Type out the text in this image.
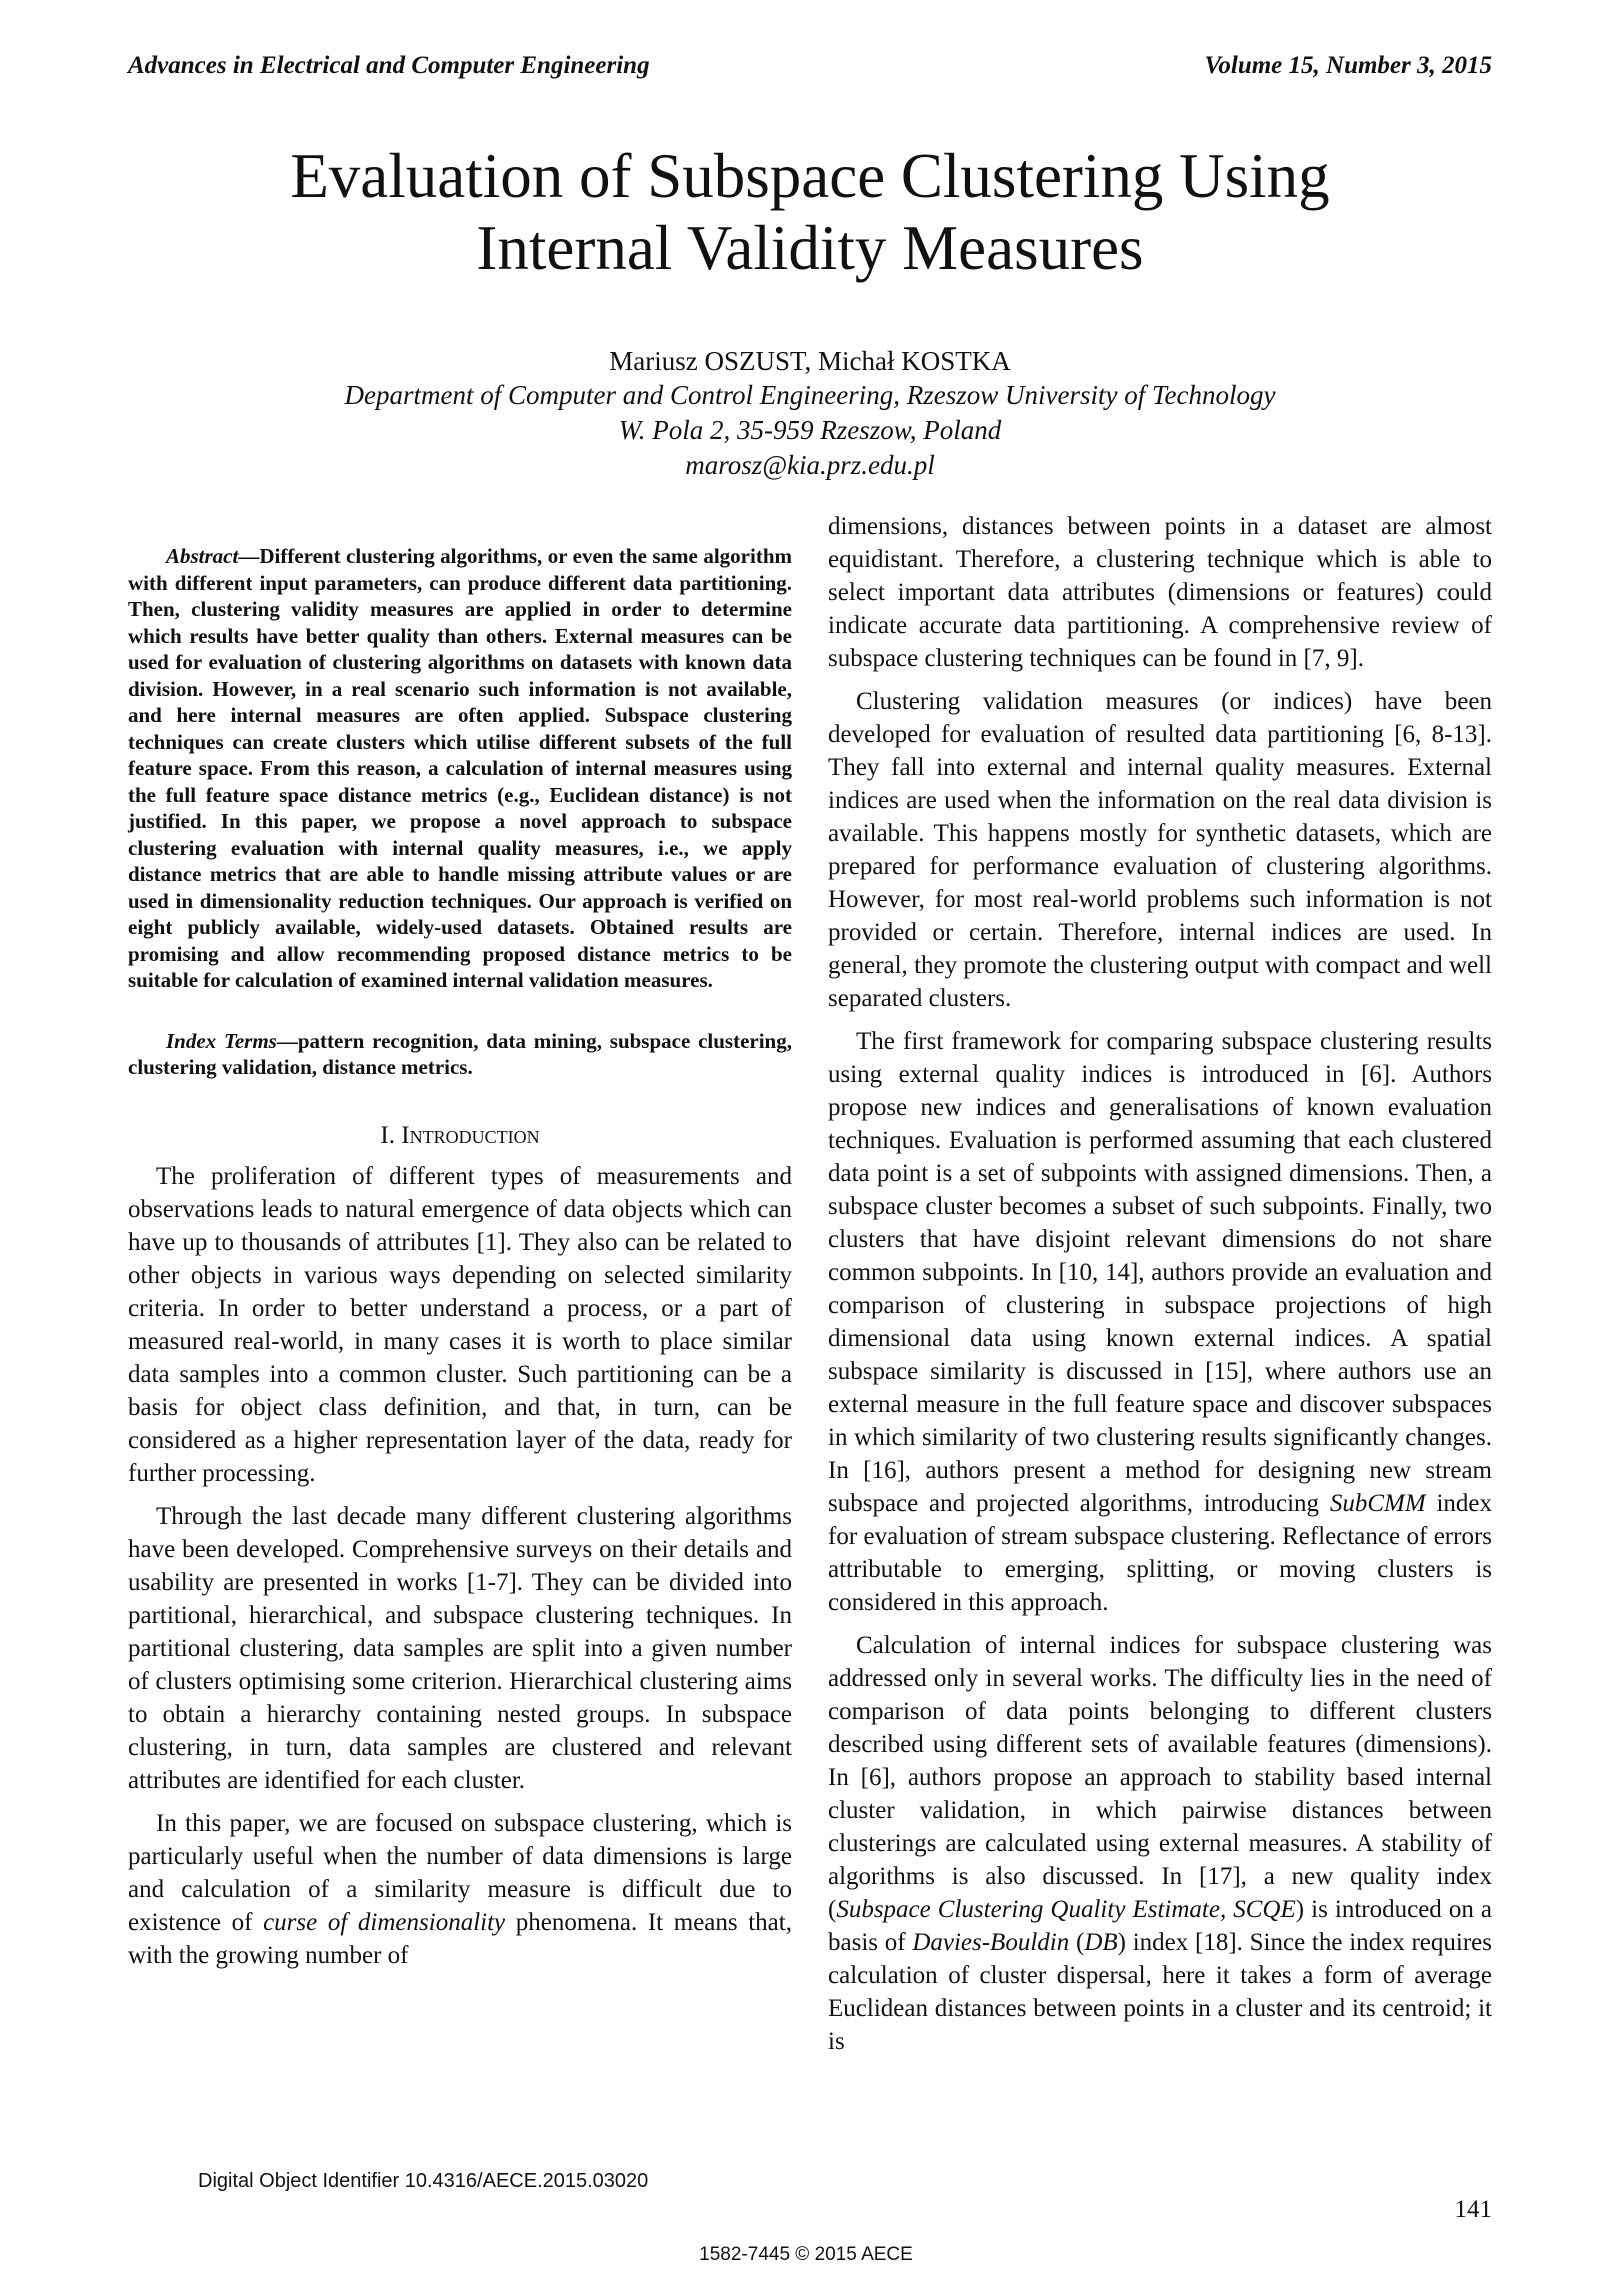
Advances in Electrical and Computer Engineering	Volume 15, Number 3, 2015
Evaluation of Subspace Clustering Using
Internal Validity Measures
Mariusz OSZUST, Michał KOSTKA
Department of Computer and Control Engineering, Rzeszow University of Technology
W. Pola 2, 35-959 Rzeszow, Poland
marosz@kia.prz.edu.pl

Abstract—Different clustering algorithms, or even the same algorithm with different input parameters, can produce different data partitioning. Then, clustering validity measures are applied in order to determine which results have better quality than others. External measures can be used for evaluation of clustering algorithms on datasets with known data division. However, in a real scenario such information is not available, and here internal measures are often applied. Subspace clustering techniques can create clusters which utilise different subsets of the full feature space. From this reason, a calculation of internal measures using the full feature space distance metrics (e.g., Euclidean distance) is not justified. In this paper, we propose a novel approach to subspace clustering evaluation with internal quality measures, i.e., we apply distance metrics that are able to handle missing attribute values or are used in dimensionality reduction techniques. Our approach is verified on eight publicly available, widely-used datasets. Obtained results are promising and allow recommending proposed distance metrics to be suitable for calculation of examined internal validation measures.

Index Terms—pattern recognition, data mining, subspace clustering, clustering validation, distance metrics.

I. Introduction

The proliferation of different types of measurements and observations leads to natural emergence of data objects which can have up to thousands of attributes [1]. They also can be related to other objects in various ways depending on selected similarity criteria. In order to better understand a process, or a part of measured real-world, in many cases it is worth to place similar data samples into a common cluster. Such partitioning can be a basis for object class definition, and that, in turn, can be considered as a higher representation layer of the data, ready for further processing.

Through the last decade many different clustering algorithms have been developed. Comprehensive surveys on their details and usability are presented in works [1-7]. They can be divided into partitional, hierarchical, and subspace clustering techniques. In partitional clustering, data samples are split into a given number of clusters optimising some criterion. Hierarchical clustering aims to obtain a hierarchy containing nested groups. In subspace clustering, in turn, data samples are clustered and relevant attributes are identified for each cluster.

In this paper, we are focused on subspace clustering, which is particularly useful when the number of data dimensions is large and calculation of a similarity measure is difficult due to existence of curse of dimensionality phenomena. It means that, with the growing number of

dimensions, distances between points in a dataset are almost equidistant. Therefore, a clustering technique which is able to select important data attributes (dimensions or features) could indicate accurate data partitioning. A comprehensive review of subspace clustering techniques can be found in [7, 9].

Clustering validation measures (or indices) have been developed for evaluation of resulted data partitioning [6, 8-13]. They fall into external and internal quality measures. External indices are used when the information on the real data division is available. This happens mostly for synthetic datasets, which are prepared for performance evaluation of clustering algorithms. However, for most real-world problems such information is not provided or certain. Therefore, internal indices are used. In general, they promote the clustering output with compact and well separated clusters.

The first framework for comparing subspace clustering results using external quality indices is introduced in [6]. Authors propose new indices and generalisations of known evaluation techniques. Evaluation is performed assuming that each clustered data point is a set of subpoints with assigned dimensions. Then, a subspace cluster becomes a subset of such subpoints. Finally, two clusters that have disjoint relevant dimensions do not share common subpoints. In [10, 14], authors provide an evaluation and comparison of clustering in subspace projections of high dimensional data using known external indices. A spatial subspace similarity is discussed in [15], where authors use an external measure in the full feature space and discover subspaces in which similarity of two clustering results significantly changes. In [16], authors present a method for designing new stream subspace and projected algorithms, introducing SubCMM index for evaluation of stream subspace clustering. Reflectance of errors attributable to emerging, splitting, or moving clusters is considered in this approach.

Calculation of internal indices for subspace clustering was addressed only in several works. The difficulty lies in the need of comparison of data points belonging to different clusters described using different sets of available features (dimensions). In [6], authors propose an approach to stability based internal cluster validation, in which pairwise distances between clusterings are calculated using external measures. A stability of algorithms is also discussed. In [17], a new quality index (Subspace Clustering Quality Estimate, SCQE) is introduced on a basis of Davies-Bouldin (DB) index [18]. Since the index requires calculation of cluster dispersal, here it takes a form of average Euclidean distances between points in a cluster and its centroid; it is

Digital Object Identifier 10.4316/AECE.2015.03020
141
1582-7445 © 2015 AECE
